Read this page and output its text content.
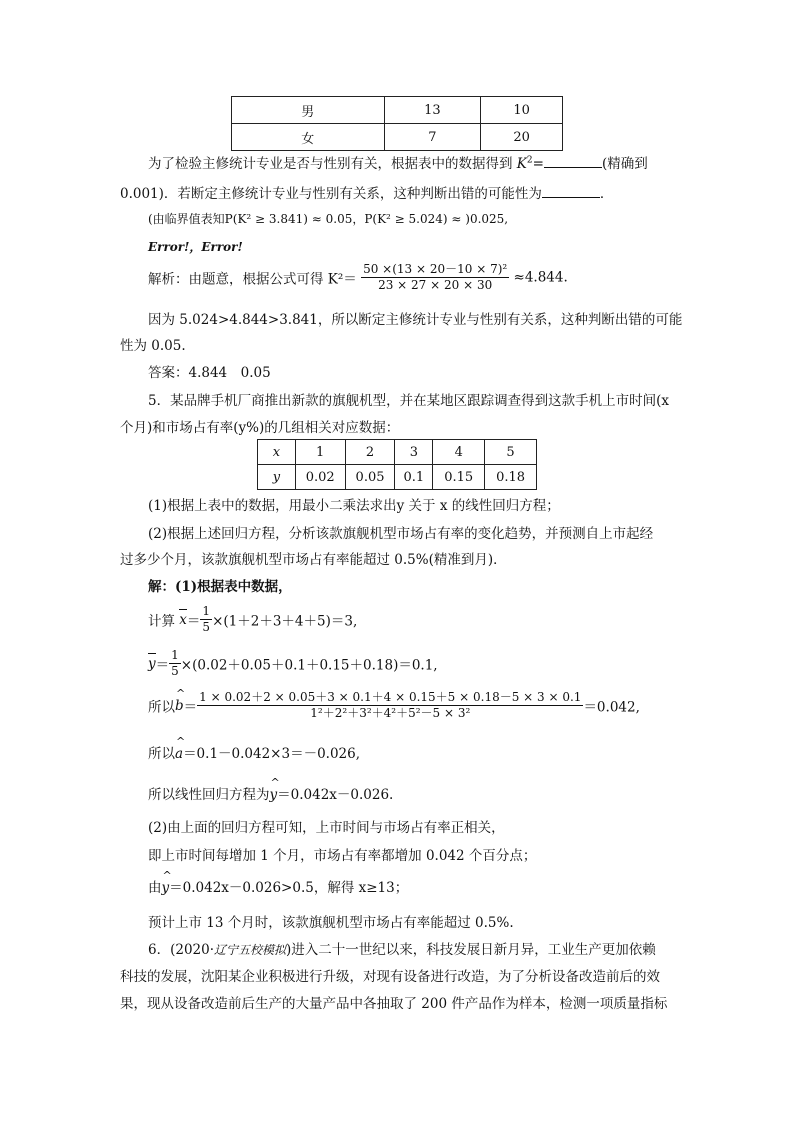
男	13	10
女	7	20
为了检验主修统计专业是否与性别有关，根据表中的数据得到 $K^2=$	(精确到
0.001)．若断定主修统计专业与性别有关系，这种判断出错的可能性为	．
(由临界值表知P(K² ≥ 3.841) ≈ 0.05，P(K² ≥ 5.024) ≈ )0.025,
Error!，Error!
解析：由题意，根据公式可得 $K^2= \frac{\text{50 ×(13 × 20－10 × 7)²}}{23 \times 27 \times 20 \times 30} \approx 4.844$.
因为 5.024>4.844>3.841，所以断定主修统计专业与性别有关系，这种判断出错的可能
性为 0.05.
答案：4.844　0.05
5．某品牌手机厂商推出新款的旗舰机型，并在某地区跟踪调查得到这款手机上市时间(x
个月)和市场占有率(y%)的几组相关对应数据：
x	1	2	3	4	5
y	0.02	0.05	0.1	0.15	0.18
(1)根据上表中的数据，用最小二乘法求出y 关于 x 的线性回归方程；
(2)根据上述回归方程，分析该款旗舰机型市场占有率的变化趋势，并预测自上市起经
过多少个月，该款旗舰机型市场占有率能超过 0.5%(精准到月)．
解：(1)根据表中数据，
计算 $x= \frac{1}{5} \times(1+2+3+4+5)=3$,
$y= \frac{1}{5} \times(0.02+0.05+0.1+0.15+0.18)=0.1$,
所以^ $b= \frac{1 \times 0.02+2 \times 0.05+3 \times 0.1+4 \times 0.15+5 \times 0.18-5 \times 3 \times 0.1}{\text{1²＋2²＋3²＋4²＋5²－5 × 3²}} =0.042$,
所以^ a＝0.1－0.042×3＝－0.026,
所以线性回归方程为^ y＝0.042x－0.026.
(2)由上面的回归方程可知，上市时间与市场占有率正相关，
即上市时间每增加 1 个月，市场占有率都增加 0.042 个百分点；
由^ y＝0.042x－0.026>0.5，解得 x≥13；
预计上市 13 个月时，该款旗舰机型市场占有率能超过 0.5%.
6．(2020·辽宁五校模拟)进入二十一世纪以来，科技发展日新月异，工业生产更加依赖
科技的发展，沈阳某企业积极进行升级，对现有设备进行改造，为了分析设备改造前后的效
果，现从设备改造前后生产的大量产品中各抽取了 200 件产品作为样本，检测一项质量指标
